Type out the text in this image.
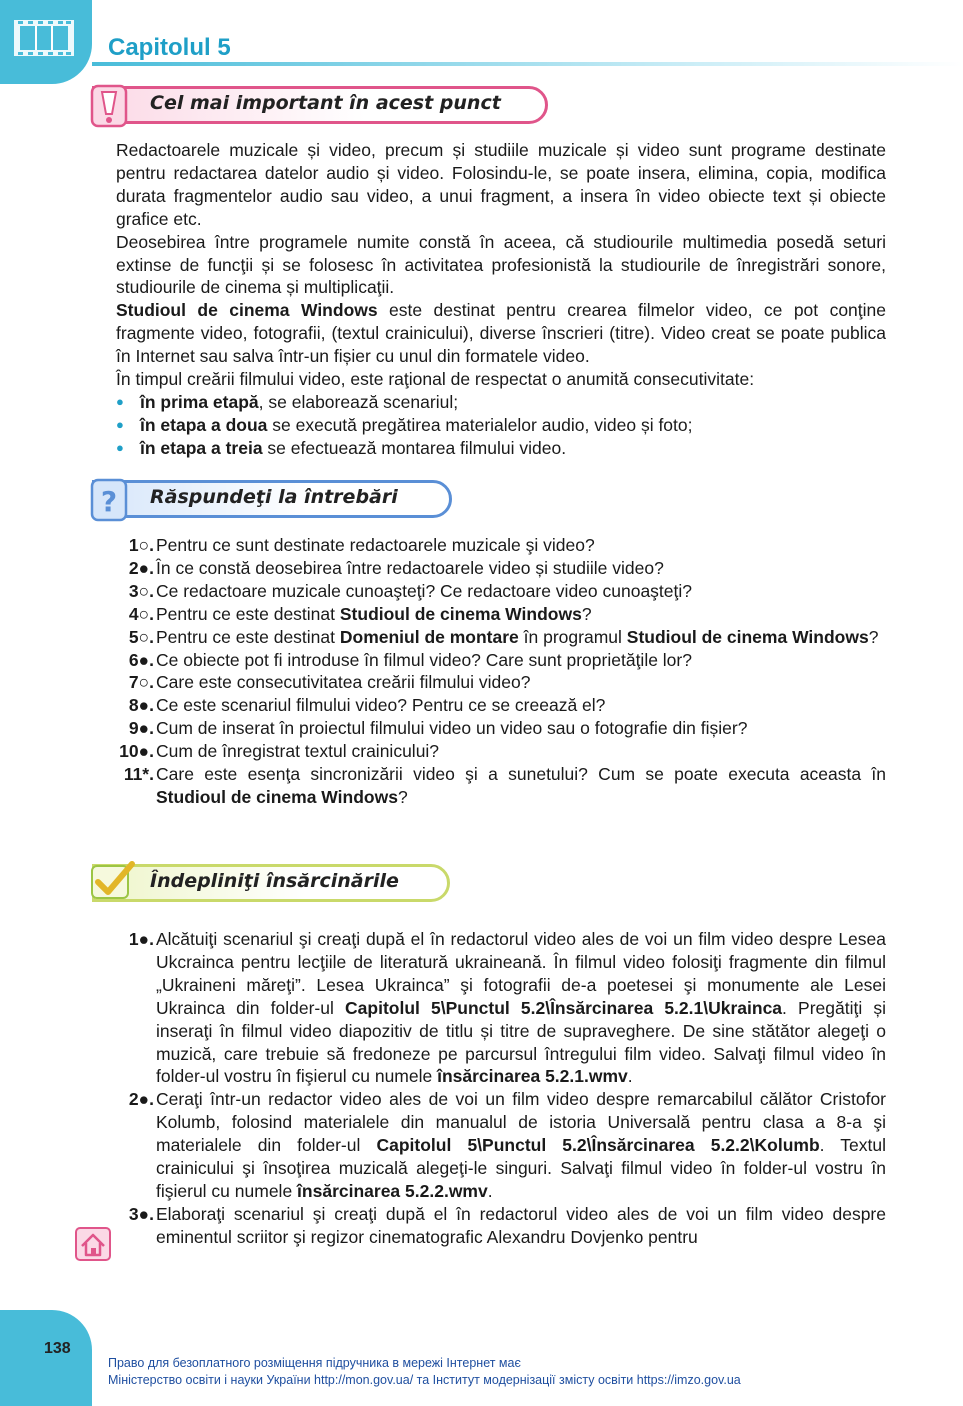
Capitolul 5
Cel mai important în acest punct

Redactoarele muzicale și video, precum și studiile muzicale și video sunt programe destinate pentru redactarea datelor audio și video. Folosindu-le, se poate insera, elimina, copia, modifica durata fragmentelor audio sau video, a unui fragment, a insera în video obiecte text și obiecte grafice etc.

Deosebirea între programele numite constă în aceea, că studiourile multimedia posedă seturi extinse de funcţii și se folosesc în activitatea profesionistă la studiourile de înregistrări sonore, studiourile de cinema și multiplicaţii.

Studioul de cinema Windows este destinat pentru crearea filmelor video, ce pot conţine fragmente video, fotografii, (textul crainicului), diverse înscrieri (titre). Video creat se poate publica în Internet sau salva într-un fișier cu unul din formatele video.

În timpul creării filmului video, este raţional de respectat o anumită consecutivitate:

● în prima etapă, se elaborează scenariul;
● în etapa a doua se execută pregătirea materialelor audio, video și foto;
● în etapa a treia se efectuează montarea filmului video.
? Răspundeţi la întrebări
1○. Pentru ce sunt destinate redactoarele muzicale şi video?
2●. În ce constă deosebirea între redactoarele video și studiile video?
3○. Ce redactoare muzicale cunoaşteţi? Ce redactoare video cunoaşteţi?
4○. Pentru ce este destinat Studioul de cinema Windows?
5○. Pentru ce este destinat Domeniul de montare în programul Studioul de cinema Windows?
6●. Ce obiecte pot fi introduse în filmul video? Care sunt proprietăţile lor?
7○. Care este consecutivitatea creării filmului video?
8●. Ce este scenariul filmului video? Pentru ce se creează el?
9●. Cum de inserat în proiectul filmului video un video sau o fotografie din fișier?
10●. Cum de înregistrat textul crainicului?
11*. Care este esenţa sincronizării video şi a sunetului? Cum se poate executa aceasta în Studioul de cinema Windows?
Îndepliniţi însărcinările
1●. Alcătuiţi scenariul şi creaţi după el în redactorul video ales de voi un film video despre Lesea Ukcrainca pentru lecţiile de literatură ukraineană. În filmul video folosiţi fragmente din filmul „Ukraineni măreţi”. Lesea Ukrainca” şi fotografii de-a poetesei şi monumente ale Lesei Ukrainca din folder-ul Capitolul 5\Punctul 5.2\Însărcinarea 5.2.1\Ukrainca. Pregătiţi și inseraţi în filmul video diapozitiv de titlu și titre de supraveghere. De sine stătător alegeţi o muzică, care trebuie să fredoneze pe parcursul întregului film video. Salvaţi filmul video în folder-ul vostru în fişierul cu numele însărcinarea 5.2.1.wmv.
2●. Ceraţi într-un redactor video ales de voi un film video despre remarcabilul călător Cristofor Kolumb, folosind materialele din manualul de istoria Universală pentru clasa a 8-a şi materialele din folder-ul Capitolul 5\Punctul 5.2\Însărcinarea 5.2.2\Kolumb. Textul crainicului şi însoţirea muzicală alegeţi-le singuri. Salvaţi filmul video în folder-ul vostru în fişierul cu numele însărcinarea 5.2.2.wmv.
3●. Elaboraţi scenariul şi creaţi după el în redactorul video ales de voi un film video despre eminentul scriitor şi regizor cinematografic Alexandru Dovjenko pentru
138
Право для безоплатного розміщення підручника в мережі Інтернет має
Міністерство освіти і науки України http://mon.gov.ua/ та Інститут модернізації змісту освіти https://imzo.gov.ua
